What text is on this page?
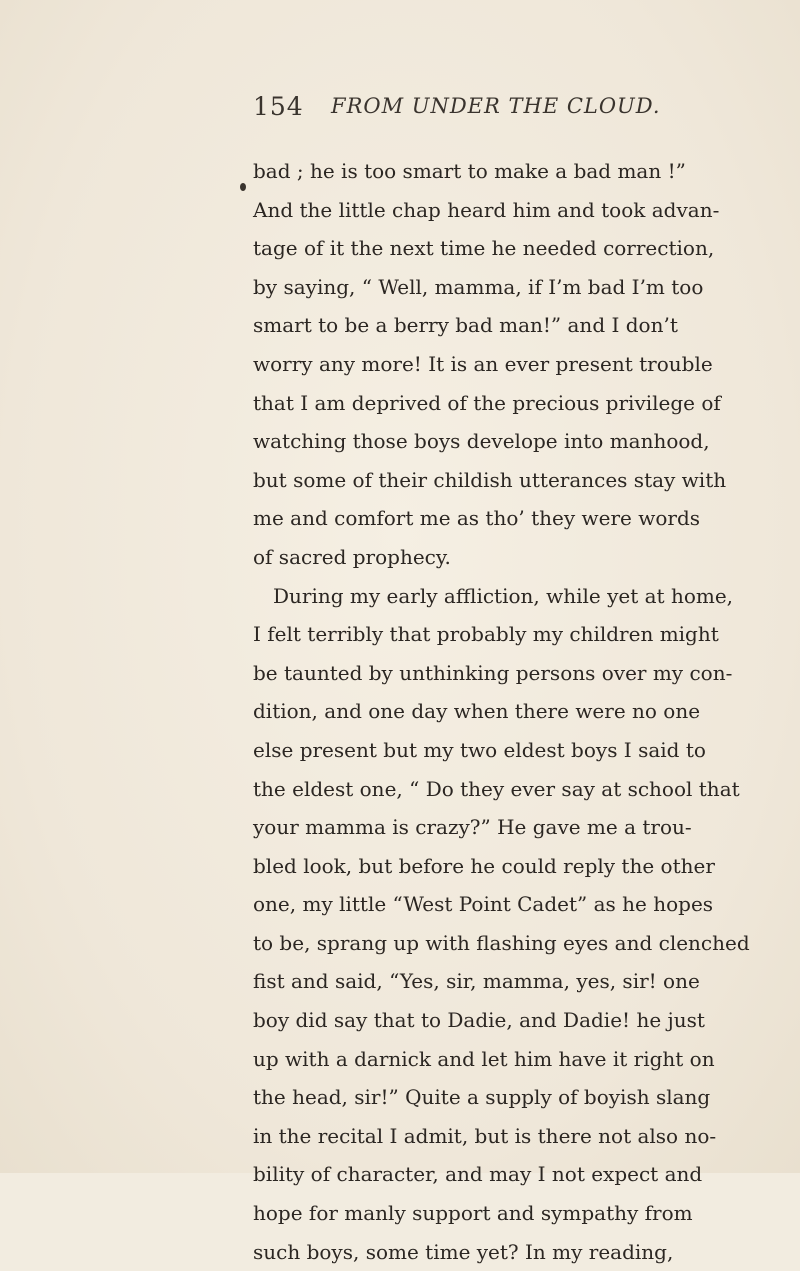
154 FROM UNDER THE CLOUD.
bad ; he is too smart to make a bad man !”
And the little chap heard him and took advan-
tage of it the next time he needed correction,
by saying, “ Well, mamma, if I’m bad I’m too
smart to be a berry bad man!” and I don’t
worry any more! It is an ever present trouble
that I am deprived of the precious privilege of
watching those boys develope into manhood,
but some of their childish utterances stay with
me and comfort me as tho’ they were words
of sacred prophecy.
During my early affliction, while yet at home,
I felt terribly that probably my children might
be taunted by unthinking persons over my con-
dition, and one day when there were no one
else present but my two eldest boys I said to
the eldest one, “ Do they ever say at school that
your mamma is crazy?” He gave me a trou-
bled look, but before he could reply the other
one, my little “West Point Cadet” as he hopes
to be, sprang up with flashing eyes and clenched
fist and said, “Yes, sir, mamma, yes, sir! one
boy did say that to Dadie, and Dadie! he just
up with a darnick and let him have it right on
the head, sir!” Quite a supply of boyish slang
in the recital I admit, but is there not also no-
bility of character, and may I not expect and
hope for manly support and sympathy from
such boys, some time yet? In my reading,
